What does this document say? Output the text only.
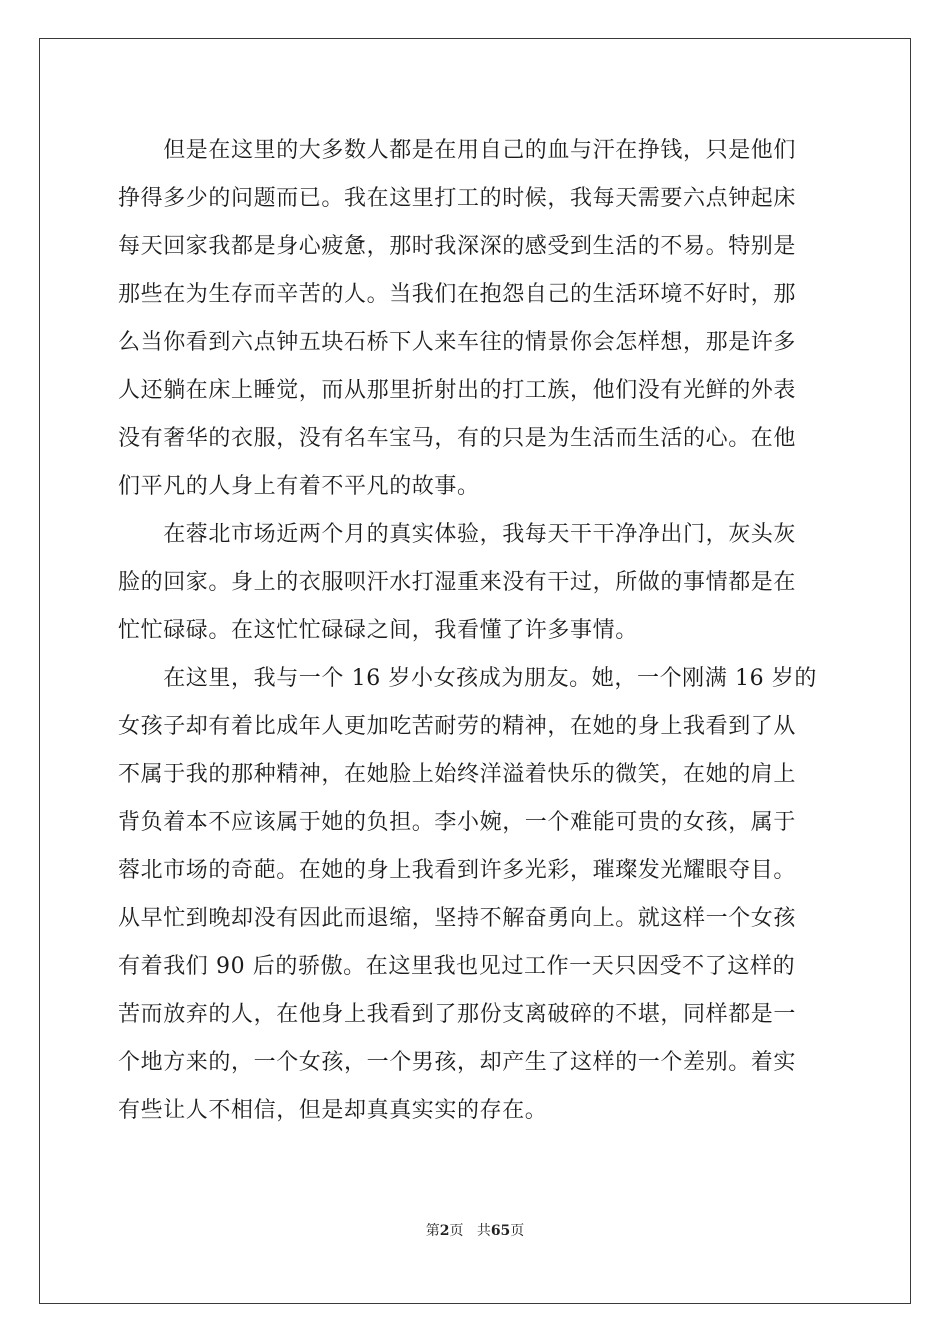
　　但是在这里的大多数人都是在用自己的血与汗在挣钱，只是他们
挣得多少的问题而已。我在这里打工的时候，我每天需要六点钟起床
每天回家我都是身心疲惫，那时我深深的感受到生活的不易。特别是
那些在为生存而辛苦的人。当我们在抱怨自己的生活环境不好时，那
么当你看到六点钟五块石桥下人来车往的情景你会怎样想，那是许多
人还躺在床上睡觉，而从那里折射出的打工族，他们没有光鲜的外表
没有奢华的衣服，没有名车宝马，有的只是为生活而生活的心。在他
们平凡的人身上有着不平凡的故事。
　　在蓉北市场近两个月的真实体验，我每天干干净净出门，灰头灰
脸的回家。身上的衣服呗汗水打湿重来没有干过，所做的事情都是在
忙忙碌碌。在这忙忙碌碌之间，我看懂了许多事情。
　　在这里，我与一个 16 岁小女孩成为朋友。她，一个刚满 16 岁的
女孩子却有着比成年人更加吃苦耐劳的精神，在她的身上我看到了从
不属于我的那种精神，在她脸上始终洋溢着快乐的微笑，在她的肩上
背负着本不应该属于她的负担。李小婉，一个难能可贵的女孩，属于
蓉北市场的奇葩。在她的身上我看到许多光彩，璀璨发光耀眼夺目。
从早忙到晚却没有因此而退缩，坚持不解奋勇向上。就这样一个女孩
有着我们 90 后的骄傲。在这里我也见过工作一天只因受不了这样的
苦而放弃的人，在他身上我看到了那份支离破碎的不堪，同样都是一
个地方来的，一个女孩，一个男孩，却产生了这样的一个差别。着实
有些让人不相信，但是却真真实实的存在。
第2页 共65页
